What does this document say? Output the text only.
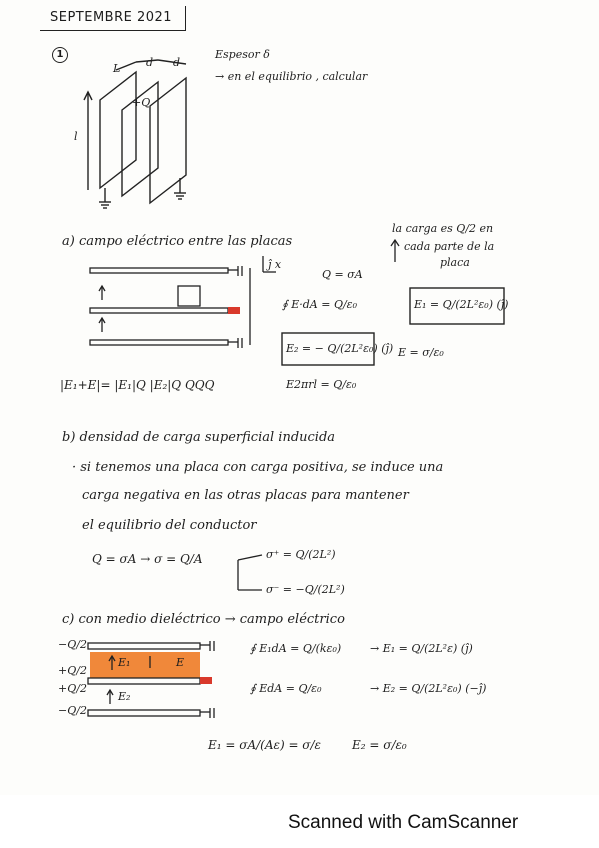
SEPTEMBRE 2021
1
L d d
l
+Q
Espesor δ
→ en el equilibrio , calcular
a) campo eléctrico entre las placas
la carga es Q/2 en
cada parte de la
placa
ĵ x
Q = σA
∮ E·dA = Q/ε₀	E₁ = Q/(2L²ε₀) (ĵ)
E₂ = − Q/(2L²ε₀) (ĵ) E = σ/ε₀
E2πrl = Q/ε₀
|E₁+E|= |E₁|Q |E₂|Q QQQ
b) densidad de carga superficial inducida
· si tenemos una placa con carga positiva, se induce una
carga negativa en las otras placas para mantener
el equilibrio del conductor
Q = σA → σ = Q/A	σ⁺ = Q/(2L²)
σ⁻ = −Q/(2L²)
c) con medio dieléctrico → campo eléctrico
∮ E₁dA = Q/(kε₀)	→ E₁ = Q/(2L²ε) (ĵ)
∮ EdA = Q/ε₀	→ E₂ = Q/(2L²ε₀) (−ĵ)
E₁ = σA/(Aε) = σ/ε	E₂ = σ/ε₀
E₁	E
E₂
−Q/2
+Q/2
+Q/2
−Q/2
Scanned with CamScanner
